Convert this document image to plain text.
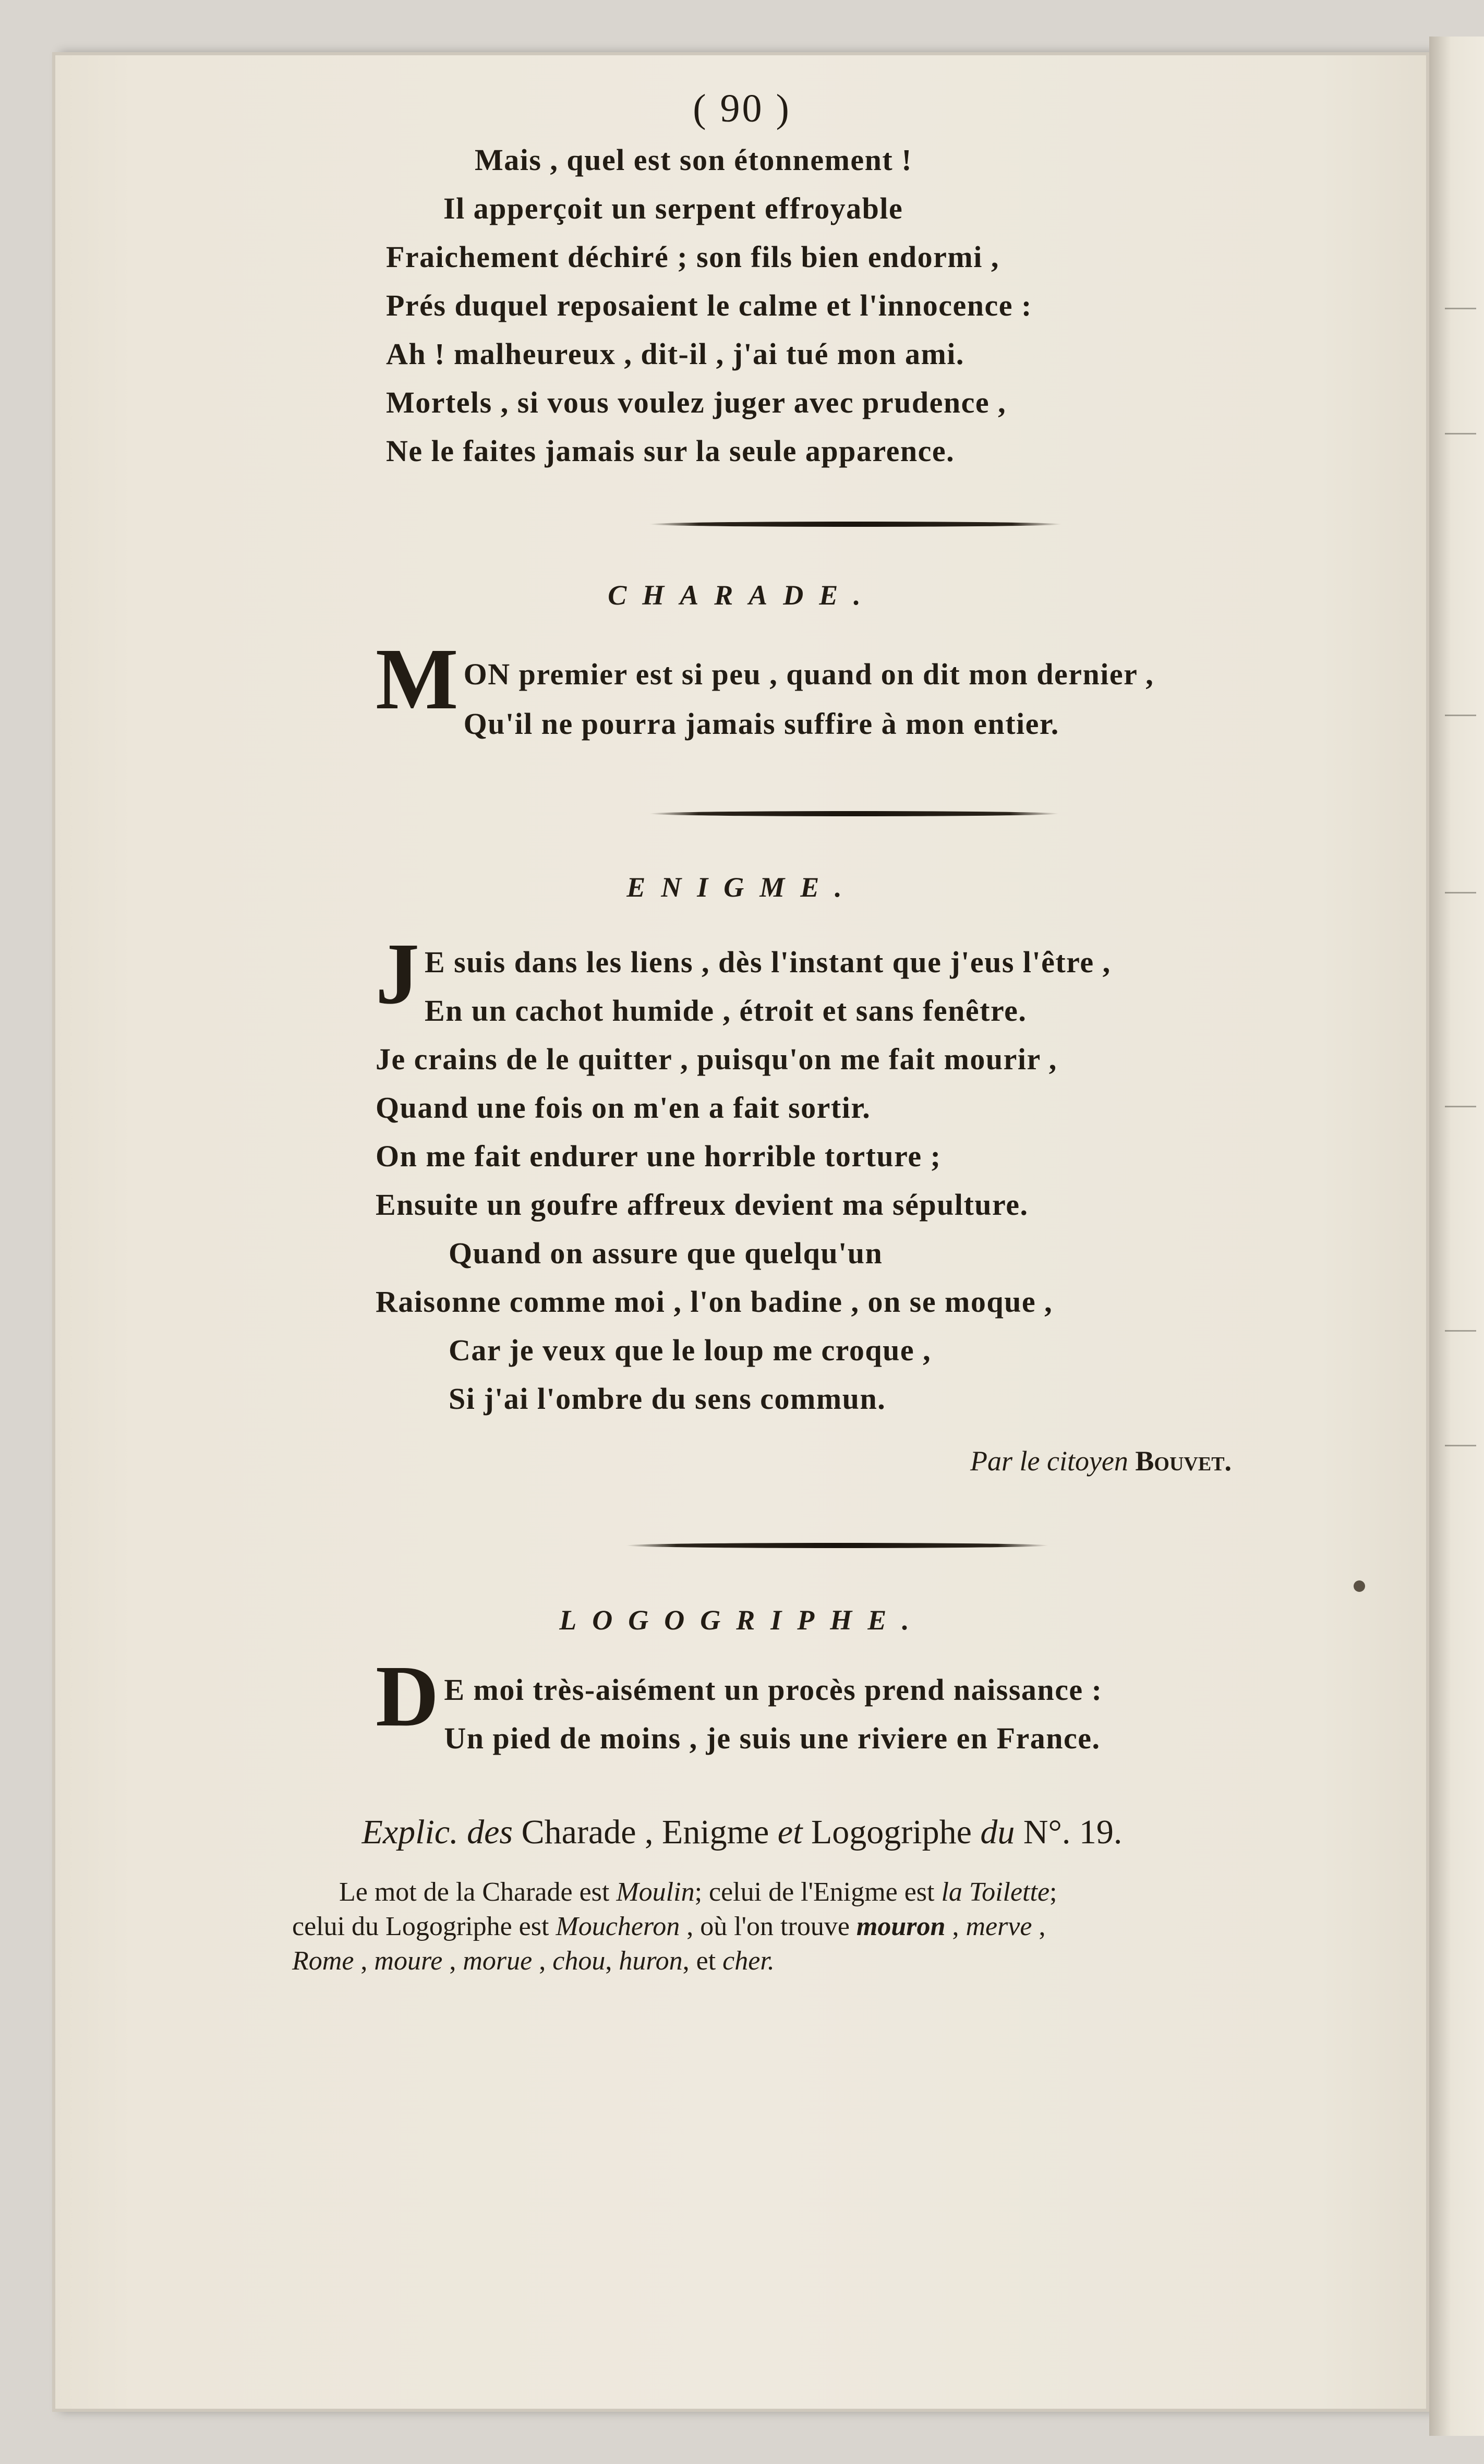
( 90 )
Mais , quel est son étonnement !
Il apperçoit un serpent effroyable
Fraichement déchiré ; son fils bien endormi ,
Prés duquel reposaient le calme et l'innocence :
Ah ! malheureux , dit-il , j'ai tué mon ami.
Mortels , si vous voulez juger avec prudence ,
Ne le faites jamais sur la seule apparence.
CHARADE.
M ON premier est si peu , quand on dit mon dernier ,
Qu'il ne pourra jamais suffire à mon entier.
ENIGME.
J E suis dans les liens , dès l'instant que j'eus l'être ,
En un cachot humide , étroit et sans fenêtre.
Je crains de le quitter , puisqu'on me fait mourir ,
Quand une fois on m'en a fait sortir.
On me fait endurer une horrible torture ;
Ensuite un goufre affreux devient ma sépulture.
Quand on assure que quelqu'un
Raisonne comme moi , l'on badine , on se moque ,
Car je veux que le loup me croque ,
Si j'ai l'ombre du sens commun.
Par le citoyen Bouvet.
LOGOGRIPHE.
D E moi très-aisément un procès prend naissance :
Un pied de moins , je suis une riviere en France.
Explic. des Charade , Enigme et Logogriphe du N°. 19.
Le mot de la Charade est Moulin; celui de l'Enigme est la Toilette;
celui du Logogriphe est Moucheron , où l'on trouve mouron , merve ,
Rome , moure , morue , chou, huron, et cher.
